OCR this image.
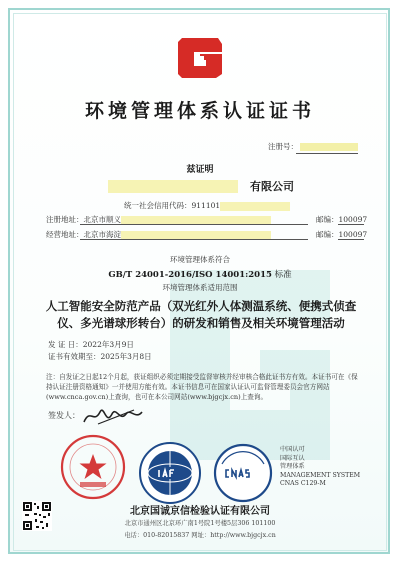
环境管理体系认证证书
注册号：
兹证明
有限公司
统一社会信用代码：911101
注册地址：北京市顺义	邮编：100097
经营地址：北京市海淀	邮编：100097
环境管理体系符合
GB/T 24001-2016/ISO 14001:2015 标准
环境管理体系适用范围
人工智能安全防范产品（双光红外人体测温系统、便携式侦查仪、多光谱球形转台）的研发和销售及相关环境管理活动
发 证 日：2022年3月9日
证书有效期至：2025年3月8日
注：自发证之日起12个月起，获证组织必须定期接受监督审核并经审核合格此证书方有效。本证书可在《保持认证注册资格通知》一并使用方能有效。本证书信息可在国家认证认可监督管理委员会官方网站(www.cnca.gov.cn)上查询，也可在本公司网站(www.bjgcjx.cn)上查询。
签发人：
中国认可
国际互认
管理体系
MANAGEMENT SYSTEM
CNAS C129-M
北京国诚京信检验认证有限公司
北京市通州区北京环广南1号院1号楼5层306 101100
电话：010-82015837 网址：http://www.bjgcjx.cn
